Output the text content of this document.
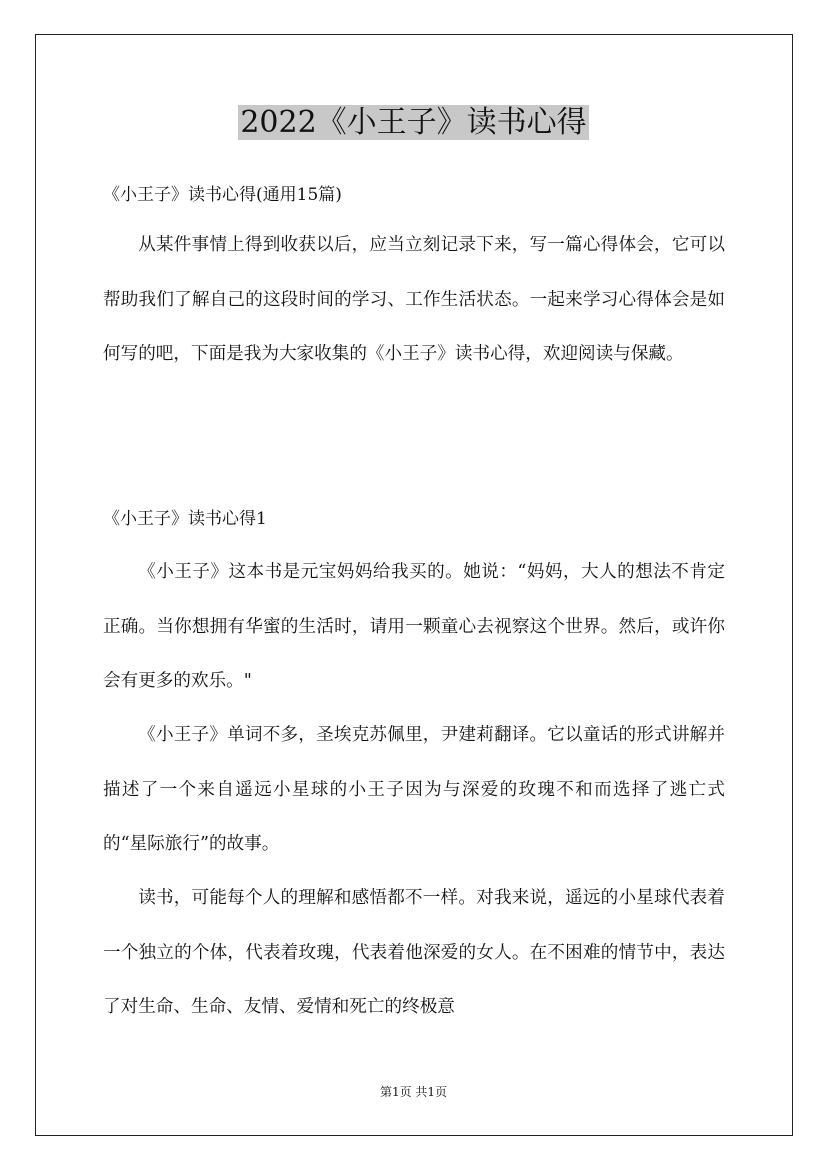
2022《小王子》读书心得
《小王子》读书心得(通用15篇)

从某件事情上得到收获以后，应当立刻记录下来，写一篇心得体会，它可以帮助我们了解自己的这段时间的学习、工作生活状态。一起来学习心得体会是如何写的吧，下面是我为大家收集的《小王子》读书心得，欢迎阅读与保藏。

《小王子》读书心得1

《小王子》这本书是元宝妈妈给我买的。她说：“妈妈，大人的想法不肯定正确。当你想拥有华蜜的生活时，请用一颗童心去视察这个世界。然后，或许你会有更多的欢乐。"

《小王子》单词不多，圣埃克苏佩里，尹建莉翻译。它以童话的形式讲解并描述了一个来自遥远小星球的小王子因为与深爱的玫瑰不和而选择了逃亡式的“星际旅行”的故事。

读书，可能每个人的理解和感悟都不一样。对我来说，遥远的小星球代表着一个独立的个体，代表着玫瑰，代表着他深爱的女人。在不困难的情节中，表达了对生命、生命、友情、爱情和死亡的终极意

第1页 共1页
